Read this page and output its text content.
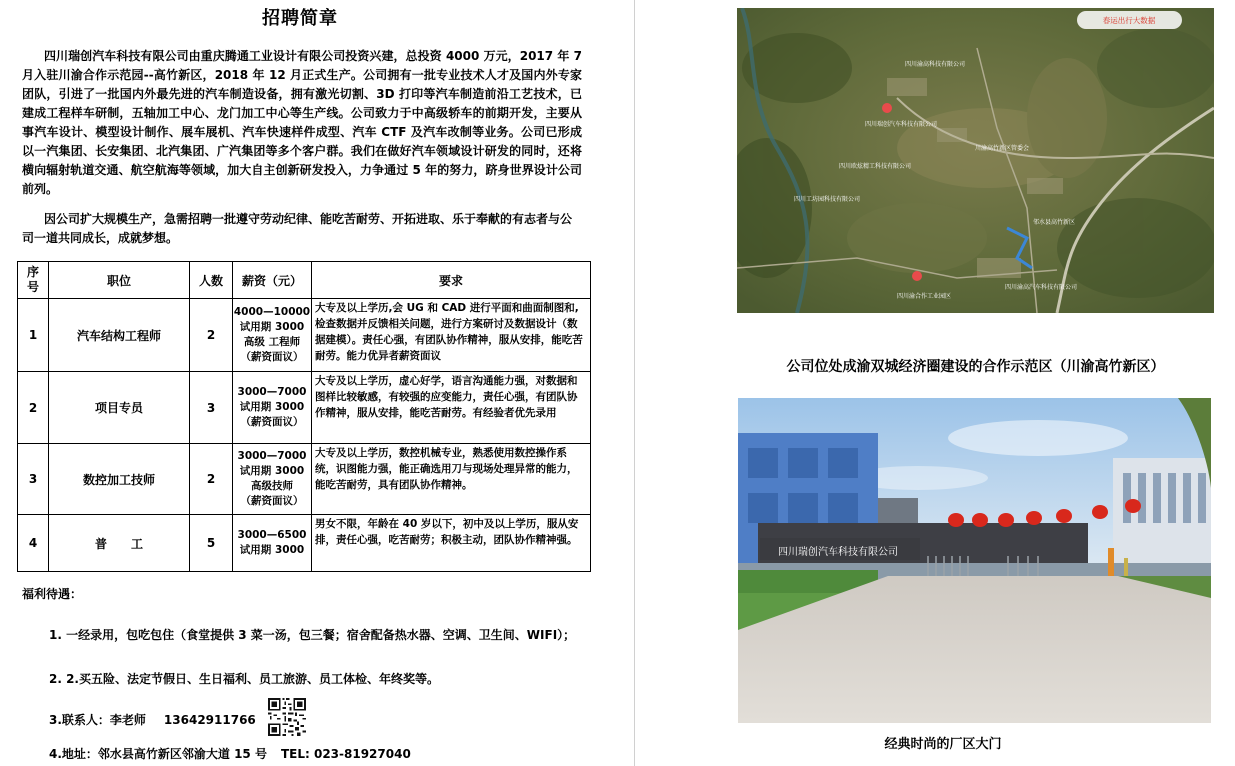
招聘简章

四川瑞创汽车科技有限公司由重庆腾通工业设计有限公司投资兴建，总投资 4000 万元，2017 年 7 月入驻川渝合作示范园--高竹新区，2018 年 12 月正式生产。公司拥有一批专业技术人才及国内外专家团队，引进了一批国内外最先进的汽车制造设备，拥有激光切割、3D 打印等汽车制造前沿工艺技术，已建成工程样车研制，五轴加工中心、龙门加工中心等生产线。公司致力于中高级轿车的前期开发，主要从事汽车设计、模型设计制作、展车展机、汽车快速样件成型、汽车 CTF 及汽车改制等业务。公司已形成以一汽集团、长安集团、北汽集团、广汽集团等多个客户群。我们在做好汽车领域设计研发的同时，还将横向辐射轨道交通、航空航海等领域，加大自主创新研发投入，力争通过 5 年的努力，跻身世界设计公司前列。

因公司扩大规模生产，急需招聘一批遵守劳动纪律、能吃苦耐劳、开拓进取、乐于奉献的有志者与公司一道共同成长，成就梦想。

序号	职位	人数	薪资（元）	要求
1	汽车结构工程师	2	4000—10000
试用期 3000
高级 工程师
（薪资面议）	大专及以上学历,会 UG 和 CAD 进行平面和曲面制图和,检查数据并反馈相关问题，进行方案研讨及数据设计（数据建模）。责任心强，有团队协作精神，服从安排，能吃苦耐劳。能力优异者薪资面议
2	项目专员	3	3000—7000
试用期 3000
（薪资面议）	大专及以上学历，虚心好学，语言沟通能力强，对数据和图样比较敏感，有较强的应变能力，责任心强，有团队协作精神，服从安排，能吃苦耐劳。有经验者优先录用
3	数控加工技师	2	3000—7000
试用期 3000
高级技师
（薪资面议）	大专及以上学历，数控机械专业，熟悉使用数控操作系统，识图能力强，能正确选用刀与现场处理异常的能力，能吃苦耐劳，具有团队协作精神。
4	普　　工	5	3000—6500
试用期 3000	男女不限，年龄在 40 岁以下，初中及以上学历，服从安排，责任心强，吃苦耐劳；积极主动，团队协作精神强。
福利待遇：

1. 一经录用，包吃包住（食堂提供 3 菜一汤，包三餐；宿舍配备热水器、空调、卫生间、WIFI）；

2. 2.买五险、法定节假日、生日福利、员工旅游、员工体检、年终奖等。
3.联系人：李老师 13642911766
4.地址：邻水县高竹新区邻渝大道 15 号 TEL: 023-81927040
春运出行大数据
四川瑞创汽车科技有限公司
四川渝高科技有限公司
四川欧炫精工科技有限公司
川渝高竹新区管委会
四川工坊园科技有限公司
邻水县高竹新区
四川渝高汽车科技有限公司
四川渝合作工业园区
公司位处成渝双城经济圈建设的合作示范区（川渝高竹新区）
四川瑞创汽车科技有限公司
经典时尚的厂区大门
